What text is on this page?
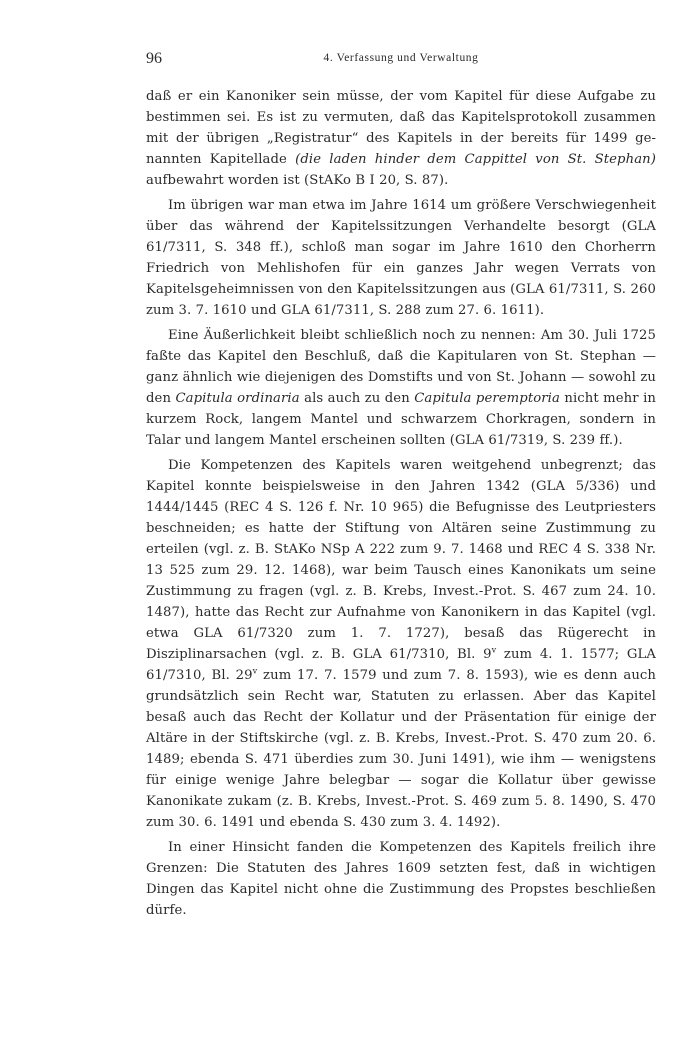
96	4. Verfassung und Verwaltung

daß er ein Kanoniker sein müsse, der vom Kapitel für diese Aufgabe zu bestimmen sei. Es ist zu vermuten, daß das Kapitelsprotokoll zusammen mit der übrigen „Registratur“ des Kapitels in der bereits für 1499 genannten Kapitellade (die laden hinder dem Cappittel von St. Stephan) aufbewahrt worden ist (StAKo B I 20, S. 87).

Im übrigen war man etwa im Jahre 1614 um größere Verschwiegenheit über das während der Kapitelssitzungen Verhandelte besorgt (GLA 61/7311, S. 348 ff.), schloß man sogar im Jahre 1610 den Chorherrn Friedrich von Mehlishofen für ein ganzes Jahr wegen Verrats von Kapitelsgeheimnissen von den Kapitelssitzungen aus (GLA 61/7311, S. 260 zum 3. 7. 1610 und GLA 61/7311, S. 288 zum 27. 6. 1611).

Eine Äußerlichkeit bleibt schließlich noch zu nennen: Am 30. Juli 1725 faßte das Kapitel den Beschluß, daß die Kapitularen von St. Stephan — ganz ähnlich wie diejenigen des Domstifts und von St. Johann — sowohl zu den Capitula ordinaria als auch zu den Capitula peremptoria nicht mehr in kurzem Rock, langem Mantel und schwarzem Chorkragen, sondern in Talar und langem Mantel erscheinen sollten (GLA 61/7319, S. 239 ff.).

Die Kompetenzen des Kapitels waren weitgehend unbegrenzt; das Kapitel konnte beispielsweise in den Jahren 1342 (GLA 5/336) und 1444/1445 (REC 4 S. 126 f. Nr. 10 965) die Befugnisse des Leutpriesters beschneiden; es hatte der Stiftung von Altären seine Zustimmung zu erteilen (vgl. z. B. StAKo NSp A 222 zum 9. 7. 1468 und REC 4 S. 338 Nr. 13 525 zum 29. 12. 1468), war beim Tausch eines Kanonikats um seine Zustimmung zu fragen (vgl. z. B. Krebs, Invest.-Prot. S. 467 zum 24. 10. 1487), hatte das Recht zur Aufnahme von Kanonikern in das Kapitel (vgl. etwa GLA 61/7320 zum 1. 7. 1727), besaß das Rügerecht in Disziplinarsachen (vgl. z. B. GLA 61/7310, Bl. 9$^v$ zum 4. 1. 1577; GLA 61/7310, Bl. 29$^v$ zum 17. 7. 1579 und zum 7. 8. 1593), wie es denn auch grundsätzlich sein Recht war, Statuten zu erlassen. Aber das Kapitel besaß auch das Recht der Kollatur und der Präsentation für einige der Altäre in der Stiftskirche (vgl. z. B. Krebs, Invest.-Prot. S. 470 zum 20. 6. 1489; ebenda S. 471 überdies zum 30. Juni 1491), wie ihm — wenigstens für einige wenige Jahre belegbar — sogar die Kollatur über gewisse Kanonikate zukam (z. B. Krebs, Invest.-Prot. S. 469 zum 5. 8. 1490, S. 470 zum 30. 6. 1491 und ebenda S. 430 zum 3. 4. 1492).

In einer Hinsicht fanden die Kompetenzen des Kapitels freilich ihre Grenzen: Die Statuten des Jahres 1609 setzten fest, daß in wichtigen Dingen das Kapitel nicht ohne die Zustimmung des Propstes beschließen dürfe.
